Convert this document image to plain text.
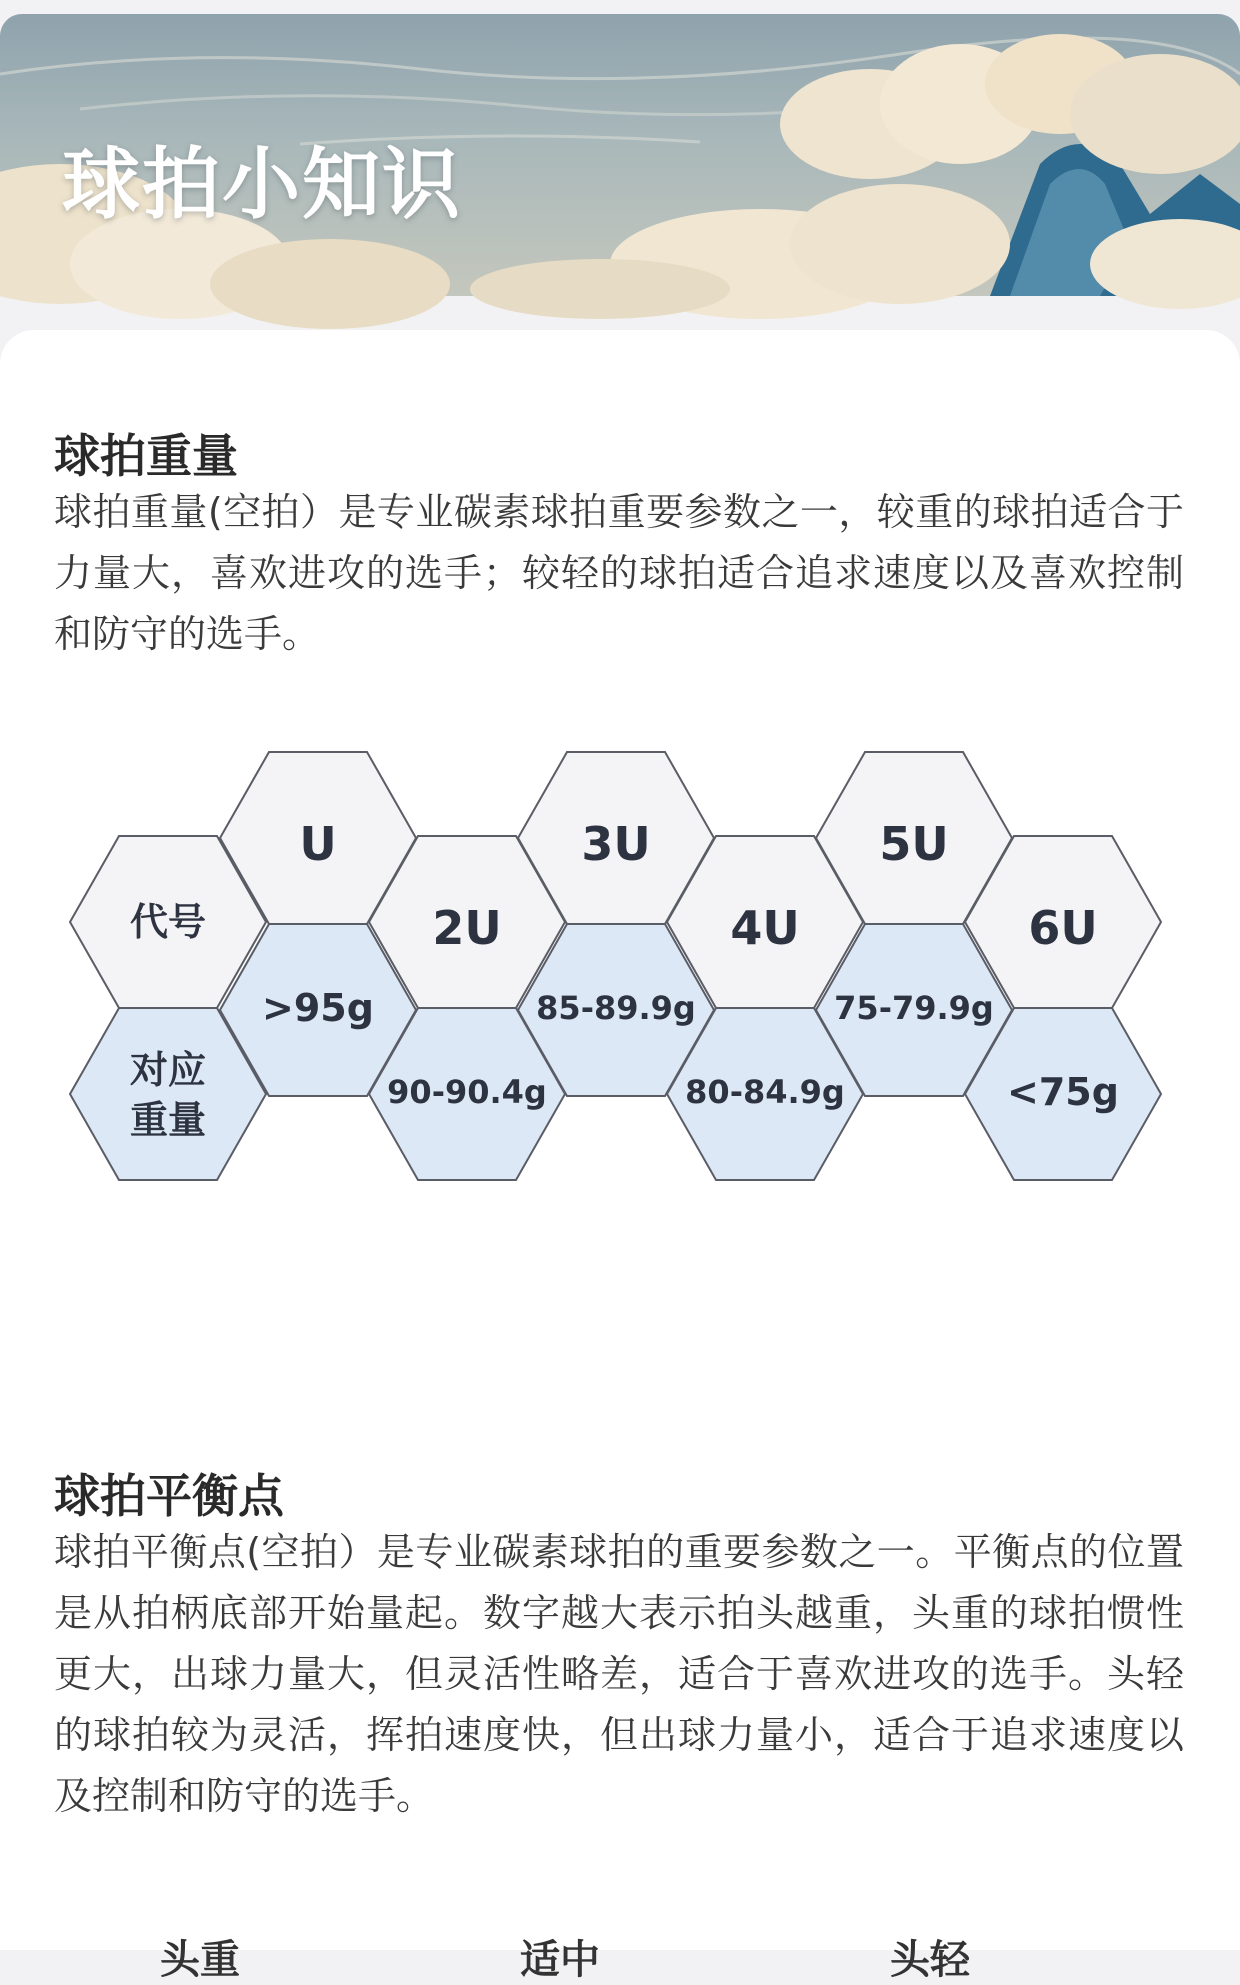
球拍小知识
球拍重量
球拍重量(空拍）是专业碳素球拍重要参数之一，较重的球拍适合于力量大，喜欢进攻的选手；较轻的球拍适合追求速度以及喜欢控制和防守的选手。
代号
对应
重量
U
>95g
2U
90-90.4g
3U
85-89.9g
4U
80-84.9g
5U
75-79.9g
6U
<75g
球拍平衡点
球拍平衡点(空拍）是专业碳素球拍的重要参数之一。平衡点的位置是从拍柄底部开始量起。数字越大表示拍头越重，头重的球拍惯性更大，出球力量大，但灵活性略差，适合于喜欢进攻的选手。头轻的球拍较为灵活，挥拍速度快，但出球力量小，适合于追求速度以及控制和防守的选手。
头重	适中	头轻
